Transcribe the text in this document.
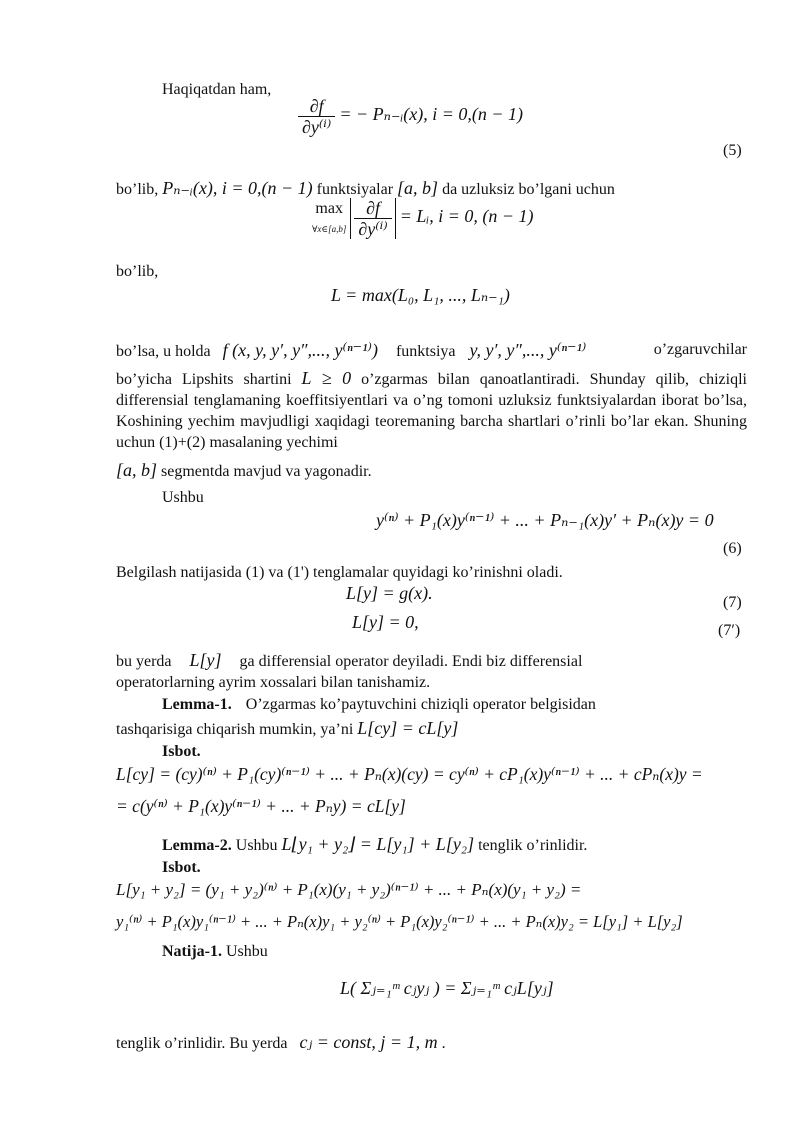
Haqiqatdan ham,
$\frac{\partial f}{\text{∂y⁽ⁱ⁾}}$ = − Pₙ₋ᵢ(x), i = 0,(n − 1)
(5)
bo’lib, Pₙ₋ᵢ(x), i = 0,(n − 1) funktsiyalar [a, b] da uzluksiz bo’lgani uchun
max
∀x∈[a,b]
$\frac{\partial f}{\text{∂y⁽ⁱ⁾}}$ = Lᵢ, i = 0, (n − 1)
bo’lib,
L = max(L₀, L₁, ..., Lₙ₋₁)
bo’lsa, u holda f (x, y, y′, y″,..., y⁽ⁿ⁻¹⁾) funktsiya y, y′, y″,..., y⁽ⁿ⁻¹⁾	o’zgaruvchilar
bo’yicha Lipshits shartini L ≥ 0 o’zgarmas bilan qanoatlantiradi. Shunday qilib, chiziqli differensial tenglamaning koeffitsiyentlari va o’ng tomoni uzluksiz funktsiyalardan iborat bo’lsa, Koshining yechim mavjudligi xaqidagi teoremaning barcha shartlari o’rinli bo’lar ekan. Shuning uchun (1)+(2) masalaning yechimi
[a, b] segmentda mavjud va yagonadir.
Ushbu
y⁽ⁿ⁾ + P₁(x)y⁽ⁿ⁻¹⁾ + ... + Pₙ₋₁(x)y′ + Pₙ(x)y = 0
(6)
Belgilash natijasida (1) va (1') tenglamalar quyidagi ko’rinishni oladi.
L[y] = g(x).	(7)
L[y] = 0,	(7′)
bu yerda L[y] ga differensial operator deyiladi. Endi biz differensial
operatorlarning ayrim xossalari bilan tanishamiz.
Lemma-1. O’zgarmas ko’paytuvchini chiziqli operator belgisidan
tashqarisiga chiqarish mumkin, ya’ni L[cy] = cL[y]
Isbot.
L[cy] = (cy)⁽ⁿ⁾ + P₁(cy)⁽ⁿ⁻¹⁾ + ... + Pₙ(x)(cy) = cy⁽ⁿ⁾ + cP₁(x)y⁽ⁿ⁻¹⁾ + ... + cPₙ(x)y =
= c(y⁽ⁿ⁾ + P₁(x)y⁽ⁿ⁻¹⁾ + ... + Pₙy) = cL[y]
Lemma-2. Ushbu L⌊y₁ + y₂⌋ = L[y₁] + L[y₂] tenglik o’rinlidir.
Isbot.
L[y₁ + y₂] = (y₁ + y₂)⁽ⁿ⁾ + P₁(x)(y₁ + y₂)⁽ⁿ⁻¹⁾ + ... + Pₙ(x)(y₁ + y₂) =
y₁⁽ⁿ⁾ + P₁(x)y₁⁽ⁿ⁻¹⁾ + ... + Pₙ(x)y₁ + y₂⁽ⁿ⁾ + P₁(x)y₂⁽ⁿ⁻¹⁾ + ... + Pₙ(x)y₂ = L[y₁] + L[y₂]
Natija-1. Ushbu
L( Σⱼ₌₁ᵐ cⱼyⱼ ) = Σⱼ₌₁ᵐ cⱼL[yⱼ]
tenglik o’rinlidir. Bu yerda cⱼ = const, j = 1, m .
